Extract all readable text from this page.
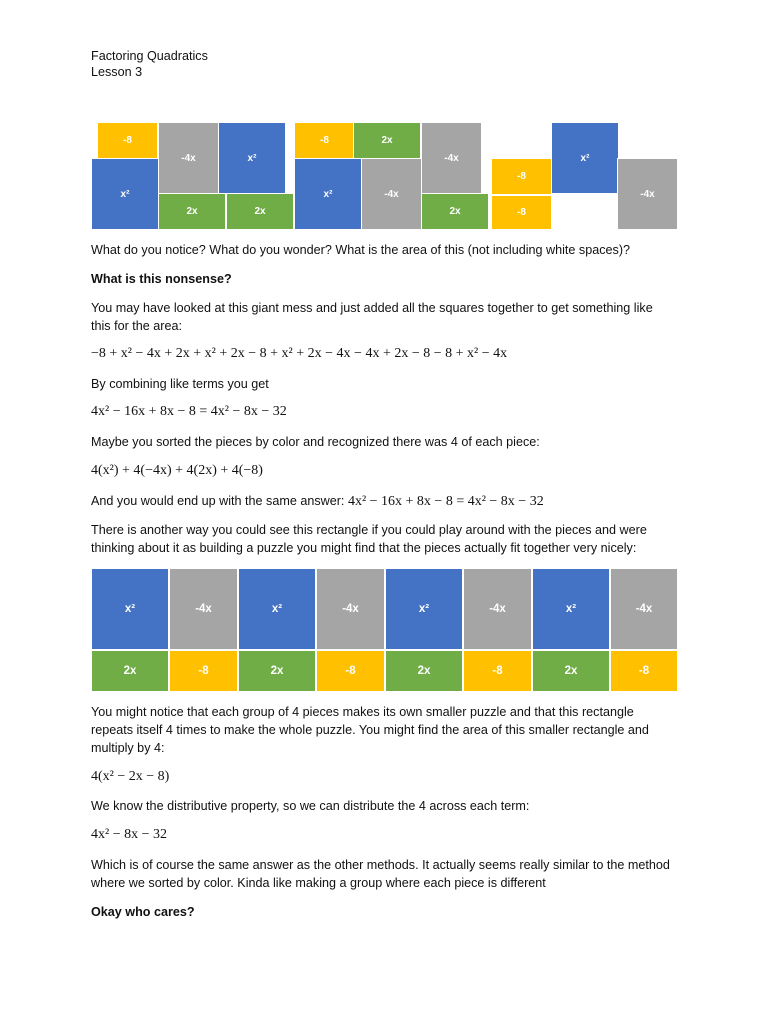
Factoring Quadratics
Lesson 3
-8
-4x	x²
x²
2x	2x
-8	2x
-4x
x²	-4x
2x
-8
-8
x²
-4x
What do you notice? What do you wonder? What is the area of this (not including white spaces)?
What is this nonsense?
You may have looked at this giant mess and just added all the squares together to get something like
this for the area:
−8 + x² − 4x + 2x + x² + 2x − 8 + x² + 2x − 4x − 4x + 2x − 8 − 8 + x² − 4x
By combining like terms you get
4x² − 16x + 8x − 8 = 4x² − 8x − 32
Maybe you sorted the pieces by color and recognized there was 4 of each piece:
4(x²) + 4(−4x) + 4(2x) + 4(−8)
And you would end up with the same answer: 4x² − 16x + 8x − 8 = 4x² − 8x − 32
There is another way you could see this rectangle if you could play around with the pieces and were
thinking about it as building a puzzle you might find that the pieces actually fit together very nicely:
x²	-4x	x²	-4x	x²	-4x	x²	-4x
2x	-8	2x	-8	2x	-8	2x	-8
You might notice that each group of 4 pieces makes its own smaller puzzle and that this rectangle
repeats itself 4 times to make the whole puzzle. You might find the area of this smaller rectangle and
multiply by 4:
4(x² − 2x − 8)
We know the distributive property, so we can distribute the 4 across each term:
4x² − 8x − 32
Which is of course the same answer as the other methods. It actually seems really similar to the method
where we sorted by color. Kinda like making a group where each piece is different
Okay who cares?
